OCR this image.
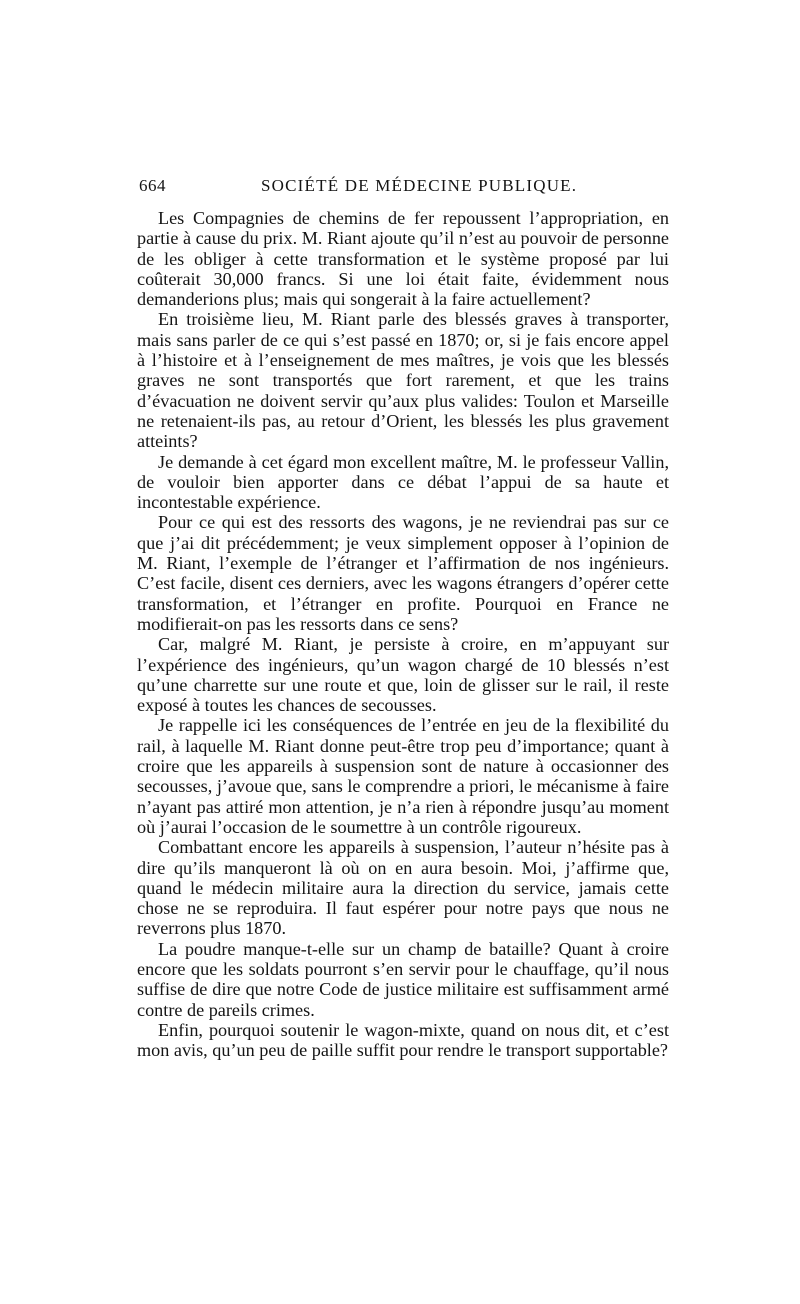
664	SOCIÉTÉ DE MÉDECINE PUBLIQUE.

Les Compagnies de chemins de fer repoussent l’appropriation, en partie à cause du prix. M. Riant ajoute qu’il n’est au pouvoir de personne de les obliger à cette transformation et le système proposé par lui coûterait 30,000 francs. Si une loi était faite, évidemment nous demanderions plus; mais qui songerait à la faire actuellement?

En troisième lieu, M. Riant parle des blessés graves à transporter, mais sans parler de ce qui s’est passé en 1870; or, si je fais encore appel à l’histoire et à l’enseignement de mes maîtres, je vois que les blessés graves ne sont transportés que fort rarement, et que les trains d’évacuation ne doivent servir qu’aux plus valides: Toulon et Marseille ne retenaient-ils pas, au retour d’Orient, les blessés les plus gravement atteints?

Je demande à cet égard mon excellent maître, M. le professeur Vallin, de vouloir bien apporter dans ce débat l’appui de sa haute et incontestable expérience.

Pour ce qui est des ressorts des wagons, je ne reviendrai pas sur ce que j’ai dit précédemment; je veux simplement opposer à l’opinion de M. Riant, l’exemple de l’étranger et l’affirmation de nos ingénieurs. C’est facile, disent ces derniers, avec les wagons étrangers d’opérer cette transformation, et l’étranger en profite. Pourquoi en France ne modifierait-on pas les ressorts dans ce sens?

Car, malgré M. Riant, je persiste à croire, en m’appuyant sur l’expérience des ingénieurs, qu’un wagon chargé de 10 blessés n’est qu’une charrette sur une route et que, loin de glisser sur le rail, il reste exposé à toutes les chances de secousses.

Je rappelle ici les conséquences de l’entrée en jeu de la flexibilité du rail, à laquelle M. Riant donne peut-être trop peu d’importance; quant à croire que les appareils à suspension sont de nature à occasionner des secousses, j’avoue que, sans le comprendre a priori, le mécanisme à faire n’ayant pas attiré mon attention, je n’a rien à répondre jusqu’au moment où j’aurai l’occasion de le soumettre à un contrôle rigoureux.

Combattant encore les appareils à suspension, l’auteur n’hésite pas à dire qu’ils manqueront là où on en aura besoin. Moi, j’affirme que, quand le médecin militaire aura la direction du service, jamais cette chose ne se reproduira. Il faut espérer pour notre pays que nous ne reverrons plus 1870.

La poudre manque-t-elle sur un champ de bataille? Quant à croire encore que les soldats pourront s’en servir pour le chauffage, qu’il nous suffise de dire que notre Code de justice militaire est suffisamment armé contre de pareils crimes.

Enfin, pourquoi soutenir le wagon-mixte, quand on nous dit, et c’est mon avis, qu’un peu de paille suffit pour rendre le transport supportable?
